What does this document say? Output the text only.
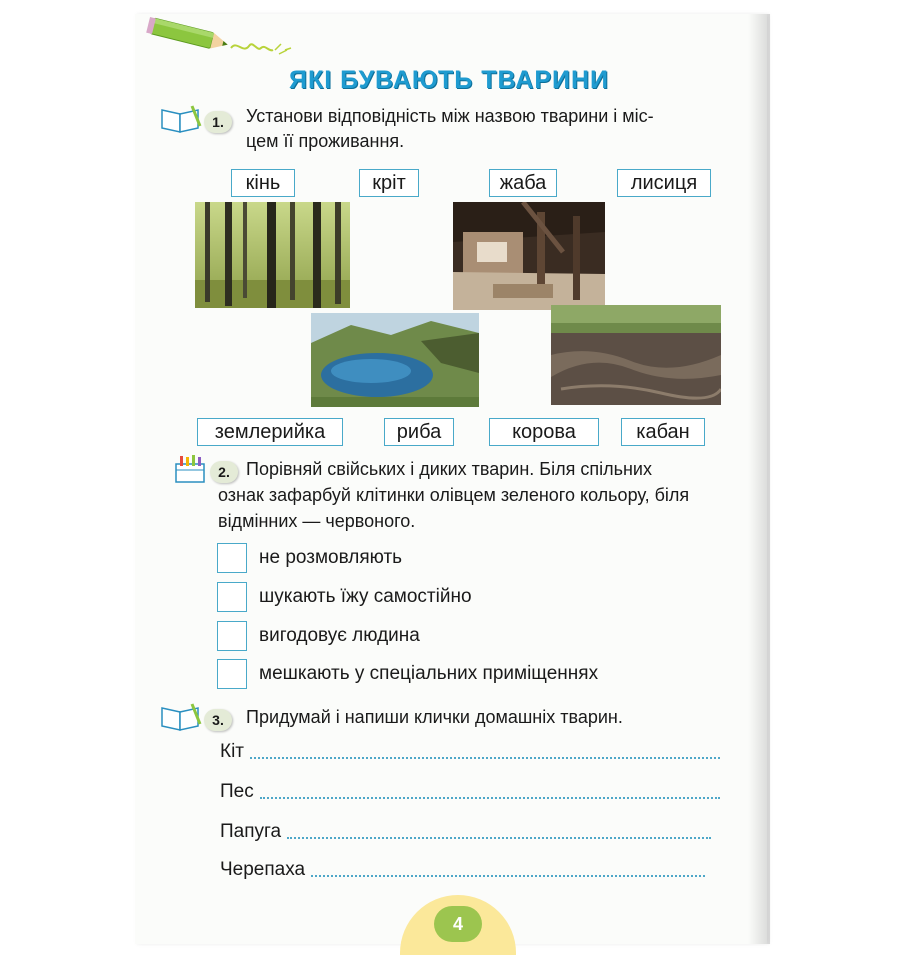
ЯКІ БУВАЮТЬ ТВАРИНИ
1.	Установи відповідність між назвою тварини і міс-
цем її проживання.
кінь	кріт	жаба	лисиця
землерийка	риба	корова	кабан
2. Порівняй свійських і диких тварин. Біля спільних
ознак зафарбуй клітинки олівцем зеленого кольору, біля
відмінних — червоного.
не розмовляють
шукають їжу самостійно
вигодовує людина
мешкають у спеціальних приміщеннях
3.	Придумай і напиши клички домашніх тварин.
Кіт
Пес
Папуга
Черепаха
4
